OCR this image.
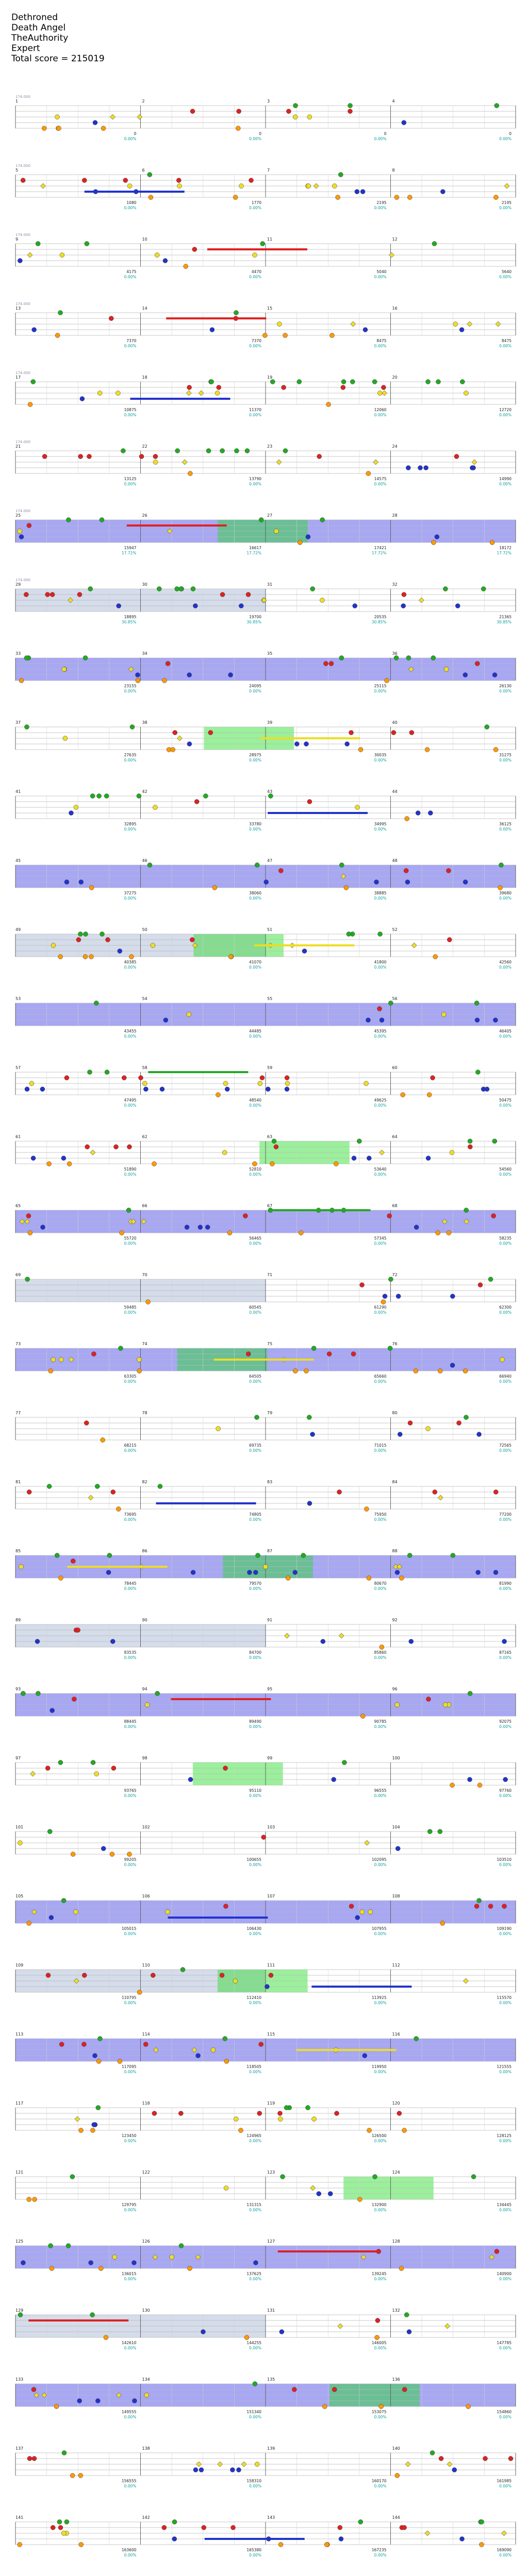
Dethroned
Death Angel
TheAuthority
Expert
Total score = 215019
1	2	3	4
174.000
0
0.00%
0
0.00%
0
0.00%
0
0.00%
5	6	7	8
174.000
1080
0.00%
1770
0.00%
2195
0.00%
2195
0.00%
9	10	11	12
174.000
4175
0.00%
4470
0.00%
5040
0.00%
5640
0.00%
13	14	15	16
174.000
7370
0.00%
7370
0.00%
8475
0.00%
8475
0.00%
17	18	19	20
174.000
10875
0.00%
11370
0.00%
12060
0.00%
12720
0.00%
21	22	23	24
174.000
13125
0.00%
13790
0.00%
14575
0.00%
14990
0.00%
25	26	27	28
174.000
15947
17.72%
16617
17.72%
17421
17.72%
18172
17.72%
29	30	31	32
174.000
18895
30.85%
19700
30.85%
20535
30.85%
21365
30.85%
33	34	35	36
23155
0.00%
24095
0.00%
25115
0.00%
26130
0.00%
37	38	39	40
27635
0.00%
28975
0.00%
30035
0.00%
31275
0.00%
41	42	43	44
32895
0.00%
33780
0.00%
34995
0.00%
36125
0.00%
45	46	47	48
37275
0.00%
38060
0.00%
38885
0.00%
39680
0.00%
49	50	51	52
40385
0.00%
41070
0.00%
41800
0.00%
42560
0.00%
53	54	55	56
43455
0.00%
44485
0.00%
45395
0.00%
46405
0.00%
57	58	59	60
47495
0.00%
48540
0.00%
49625
0.00%
50475
0.00%
61	62	63	64
51890
0.00%
52810
0.00%
53640
0.00%
54560
0.00%
65	66	67	68
55720
0.00%
56465
0.00%
57345
0.00%
58235
0.00%
69	70	71	72
59485
0.00%
60545
0.00%
61290
0.00%
62300
0.00%
73	74	75	76
63305
0.00%
64505
0.00%
65660
0.00%
66940
0.00%
77	78	79	80
68215
0.00%
69735
0.00%
71015
0.00%
72565
0.00%
81	82	83	84
73695
0.00%
74805
0.00%
75950
0.00%
77200
0.00%
85	86	87	88
78445
0.00%
79570
0.00%
80670
0.00%
81990
0.00%
89	90	91	92
83535
0.00%
84700
0.00%
85860
0.00%
87165
0.00%
93	94	95	96
88445
0.00%
89490
0.00%
90785
0.00%
92075
0.00%
97	98	99	100
93765
0.00%
95110
0.00%
96555
0.00%
97760
0.00%
101	102	103	104
99205
0.00%
100655
0.00%
102095
0.00%
103510
0.00%
105	106	107	108
105015
0.00%
106430
0.00%
107955
0.00%
109190
0.00%
109	110	111	112
110795
0.00%
112410
0.00%
113925
0.00%
115570
0.00%
113	114	115	116
117095
0.00%
118505
0.00%
119950
0.00%
121555
0.00%
117	118	119	120
123450
0.00%
124965
0.00%
126500
0.00%
128125
0.00%
121	122	123	124
129795
0.00%
131315
0.00%
132900
0.00%
134445
0.00%
125	126	127	128
136015
0.00%
137625
0.00%
139245
0.00%
140900
0.00%
129	130	131	132
142610
0.00%
144255
0.00%
146005
0.00%
147785
0.00%
133	134	135	136
149555
0.00%
151340
0.00%
153075
0.00%
154860
0.00%
137	138	139	140
156555
0.00%
158310
0.00%
160170
0.00%
161985
0.00%
141	142	143	144
163600
0.00%
165380
0.00%
167235
0.00%
169090
0.00%
